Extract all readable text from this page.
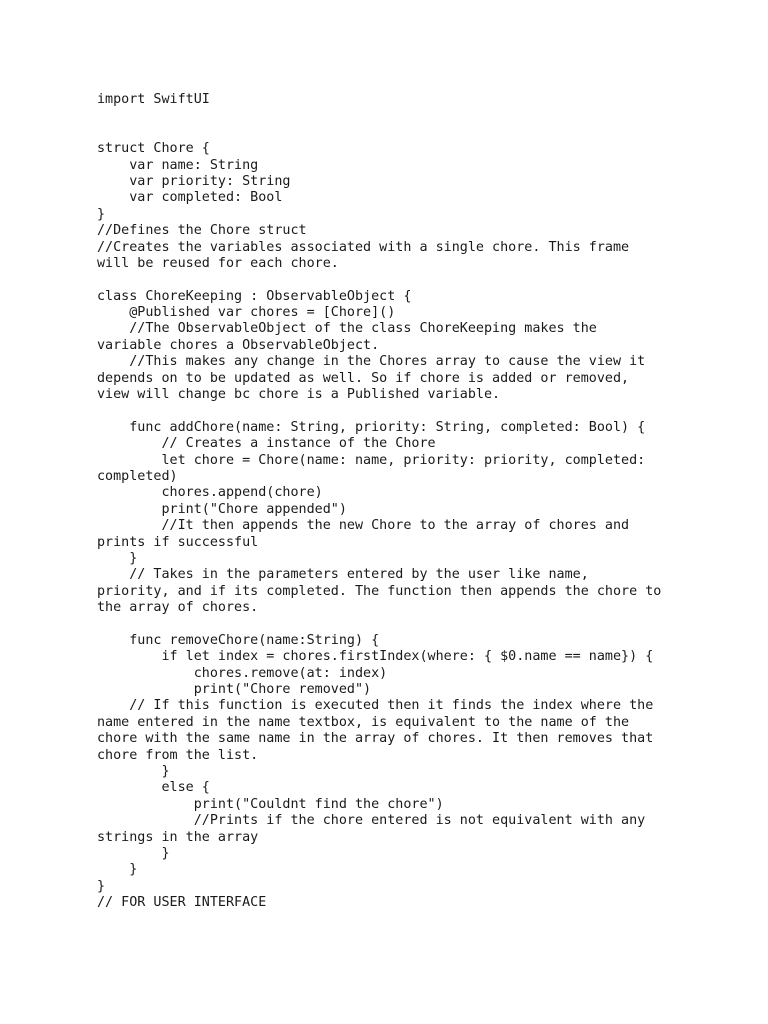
import SwiftUI
struct Chore {
var name: String
var priority: String
var completed: Bool
}
//Defines the Chore struct
//Creates the variables associated with a single chore. This frame
will be reused for each chore.
class ChoreKeeping : ObservableObject {
@Published var chores = [Chore]()
//The ObservableObject of the class ChoreKeeping makes the
variable chores a ObservableObject.
//This makes any change in the Chores array to cause the view it
depends on to be updated as well. So if chore is added or removed,
view will change bc chore is a Published variable.
func addChore(name: String, priority: String, completed: Bool) {
// Creates a instance of the Chore
let chore = Chore(name: name, priority: priority, completed:
completed)
chores.append(chore)
print("Chore appended")
//It then appends the new Chore to the array of chores and
prints if successful
}
// Takes in the parameters entered by the user like name,
priority, and if its completed. The function then appends the chore to
the array of chores.
func removeChore(name:String) {
if let index = chores.firstIndex(where: { $0.name == name}) {
chores.remove(at: index)
print("Chore removed")
// If this function is executed then it finds the index where the
name entered in the name textbox, is equivalent to the name of the
chore with the same name in the array of chores. It then removes that
chore from the list.
}
else {
print("Couldnt find the chore")
//Prints if the chore entered is not equivalent with any
strings in the array
}
}
}
// FOR USER INTERFACE
